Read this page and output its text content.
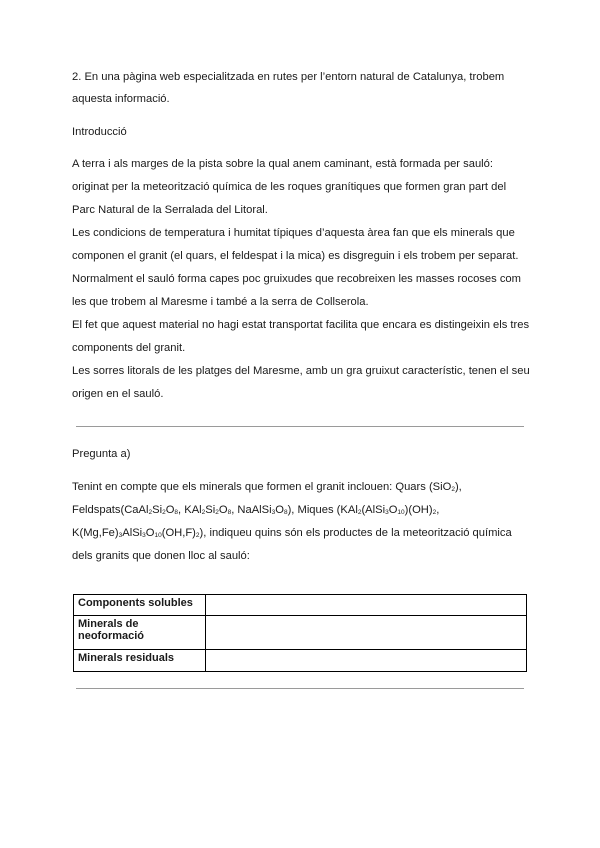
2. En una pàgina web especialitzada en rutes per l’entorn natural de Catalunya, trobem
aquesta informació.
Introducció
A terra i als marges de la pista sobre la qual anem caminant, està formada per sauló:
originat per la meteorització química de les roques granítiques que formen gran part del
Parc Natural de la Serralada del Litoral.
Les condicions de temperatura i humitat típiques d’aquesta àrea fan que els minerals que
componen el granit (el quars, el feldespat i la mica) es disgreguin i els trobem per separat.
Normalment el sauló forma capes poc gruixudes que recobreixen les masses rocoses com
les que trobem al Maresme i també a la serra de Collserola.
El fet que aquest material no hagi estat transportat facilita que encara es distingeixin els tres
components del granit.
Les sorres litorals de les platges del Maresme, amb un gra gruixut característic, tenen el seu
origen en el sauló.
Pregunta a)
Tenint en compte que els minerals que formen el granit inclouen: Quars (SiO$_2$),
$Feldspats(CaAl_2Si_2O_8$, $KAl_2Si_2O_8$, $NaAlSi_3O_8$), Miques ($KAl_2(AlSi_3O_{10})(OH)_2$,
$K(Mg,Fe)_3AlSi_3O_{10}(OH,F)_2$), indiqueu quins són els productes de la meteorització química
dels granits que donen lloc al sauló:
Components solubles	
Minerals de neoformació	
Minerals residuals	
